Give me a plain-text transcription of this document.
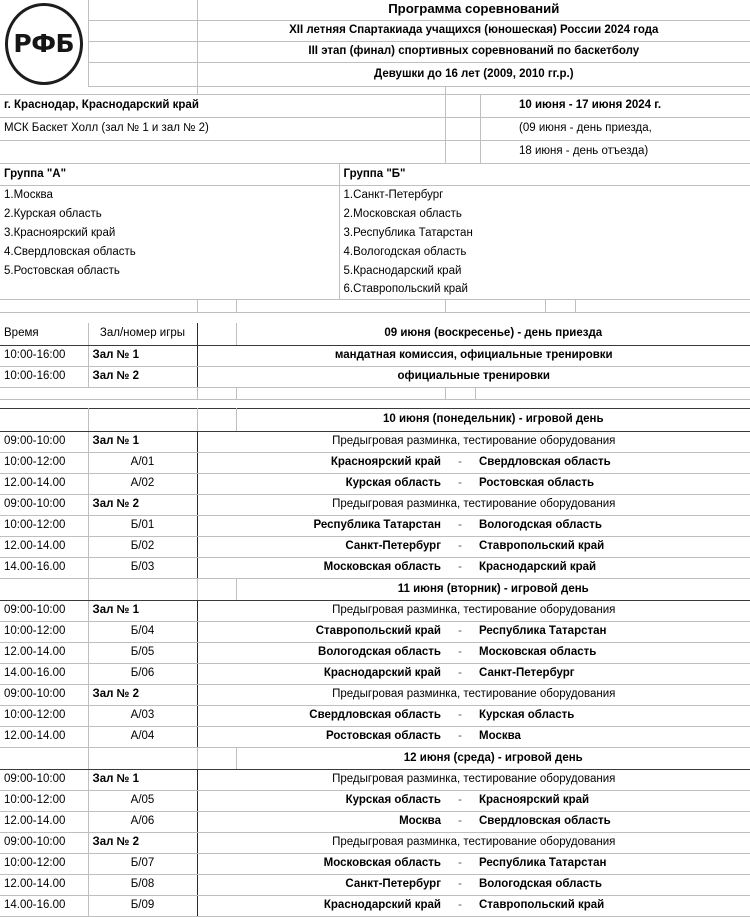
РФБ		Программа соревнований				
		XII летняя Спартакиада учащихся (юношеская) России 2024 года				
		III этап (финал) спортивных соревнований по баскетболу				
		Девушки до 16 лет (2009, 2010 гг.р.)				

г. Краснодар, Краснодарский край						10 июня - 17 июня 2024 г.
МСК Баскет Холл (зал № 1 и зал № 2)						(09 июня - день приезда,
						18 июня - день отъезда)
Группа "А"	Группа "Б"
1.Москва	1.Санкт-Петербург
2.Курская область	2.Московская область
3.Красноярский край	3.Республика Татарстан
4.Свердловская область	4.Вологодская область
5.Ростовская область	5.Краснодарский край
	6.Ставропольский край

Время	Зал/номер игры		09 июня (воскресенье) - день приезда		
10:00-16:00	Зал № 1	мандатная комиссия, официальные тренировки			
10:00-16:00	Зал № 2	официальные тренировки			

			10 июня (понедельник) - игровой день		
09:00-10:00	Зал № 1	Предыгровая разминка, тестирование оборудования			
10:00-12:00	А/01		Красноярский край	-	Свердловская область
12.00-14.00	А/02		Курская область	-	Ростовская область
09:00-10:00	Зал № 2	Предыгровая разминка, тестирование оборудования			
10:00-12:00	Б/01		Республика Татарстан	-	Вологодская область
12.00-14.00	Б/02		Санкт-Петербург	-	Ставропольский край
14.00-16.00	Б/03		Московская область	-	Краснодарский край
			11 июня (вторник) - игровой день		
09:00-10:00	Зал № 1	Предыгровая разминка, тестирование оборудования			
10:00-12:00	Б/04		Ставропольский край	-	Республика Татарстан
12.00-14.00	Б/05		Вологодская область	-	Московская область
14.00-16.00	Б/06		Краснодарский край	-	Санкт-Петербург
09:00-10:00	Зал № 2	Предыгровая разминка, тестирование оборудования			
10:00-12:00	А/03		Свердловская область	-	Курская область
12.00-14.00	А/04		Ростовская область	-	Москва
			12 июня (среда) - игровой день		
09:00-10:00	Зал № 1	Предыгровая разминка, тестирование оборудования			
10:00-12:00	А/05		Курская область	-	Красноярский край
12.00-14.00	А/06		Москва	-	Свердловская область
09:00-10:00	Зал № 2	Предыгровая разминка, тестирование оборудования			
10:00-12:00	Б/07		Московская область	-	Республика Татарстан
12.00-14.00	Б/08		Санкт-Петербург	-	Вологодская область
14.00-16.00	Б/09		Краснодарский край	-	Ставропольский край
